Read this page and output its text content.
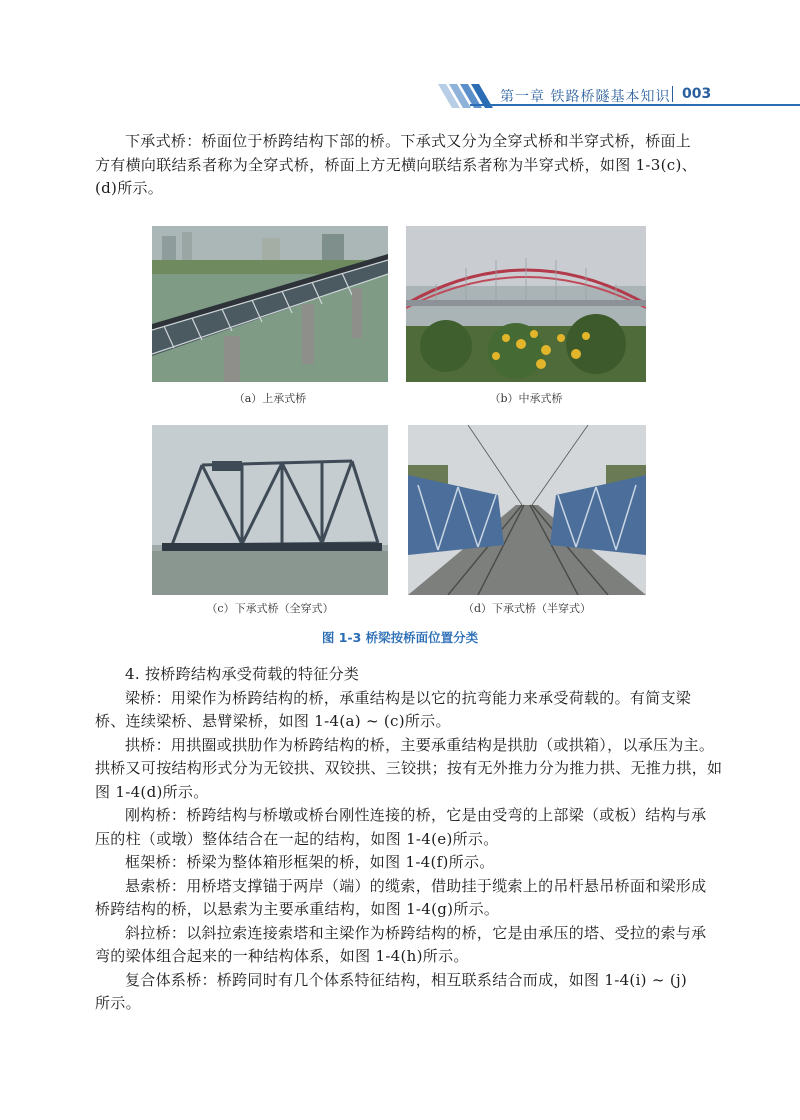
第一章 铁路桥隧基本知识 003
下承式桥：桥面位于桥跨结构下部的桥。下承式又分为全穿式桥和半穿式桥，桥面上
方有横向联结系者称为全穿式桥，桥面上方无横向联结系者称为半穿式桥，如图 1-3(c)、
(d)所示。
（a）上承式桥	（b）中承式桥
（c）下承式桥（全穿式）	（d）下承式桥（半穿式）
图 1-3 桥梁按桥面位置分类
4. 按桥跨结构承受荷载的特征分类
梁桥：用梁作为桥跨结构的桥，承重结构是以它的抗弯能力来承受荷载的。有简支梁
桥、连续梁桥、悬臂梁桥，如图 1-4(a) ~ (c)所示。
拱桥：用拱圈或拱肋作为桥跨结构的桥，主要承重结构是拱肋（或拱箱），以承压为主。
拱桥又可按结构形式分为无铰拱、双铰拱、三铰拱；按有无外推力分为推力拱、无推力拱，如
图 1-4(d)所示。
刚构桥：桥跨结构与桥墩或桥台刚性连接的桥，它是由受弯的上部梁（或板）结构与承
压的柱（或墩）整体结合在一起的结构，如图 1-4(e)所示。
框架桥：桥梁为整体箱形框架的桥，如图 1-4(f)所示。
悬索桥：用桥塔支撑锚于两岸（端）的缆索，借助挂于缆索上的吊杆悬吊桥面和梁形成
桥跨结构的桥，以悬索为主要承重结构，如图 1-4(g)所示。
斜拉桥：以斜拉索连接索塔和主梁作为桥跨结构的桥，它是由承压的塔、受拉的索与承
弯的梁体组合起来的一种结构体系，如图 1-4(h)所示。
复合体系桥：桥跨同时有几个体系特征结构，相互联系结合而成，如图 1-4(i) ~ (j)
所示。
